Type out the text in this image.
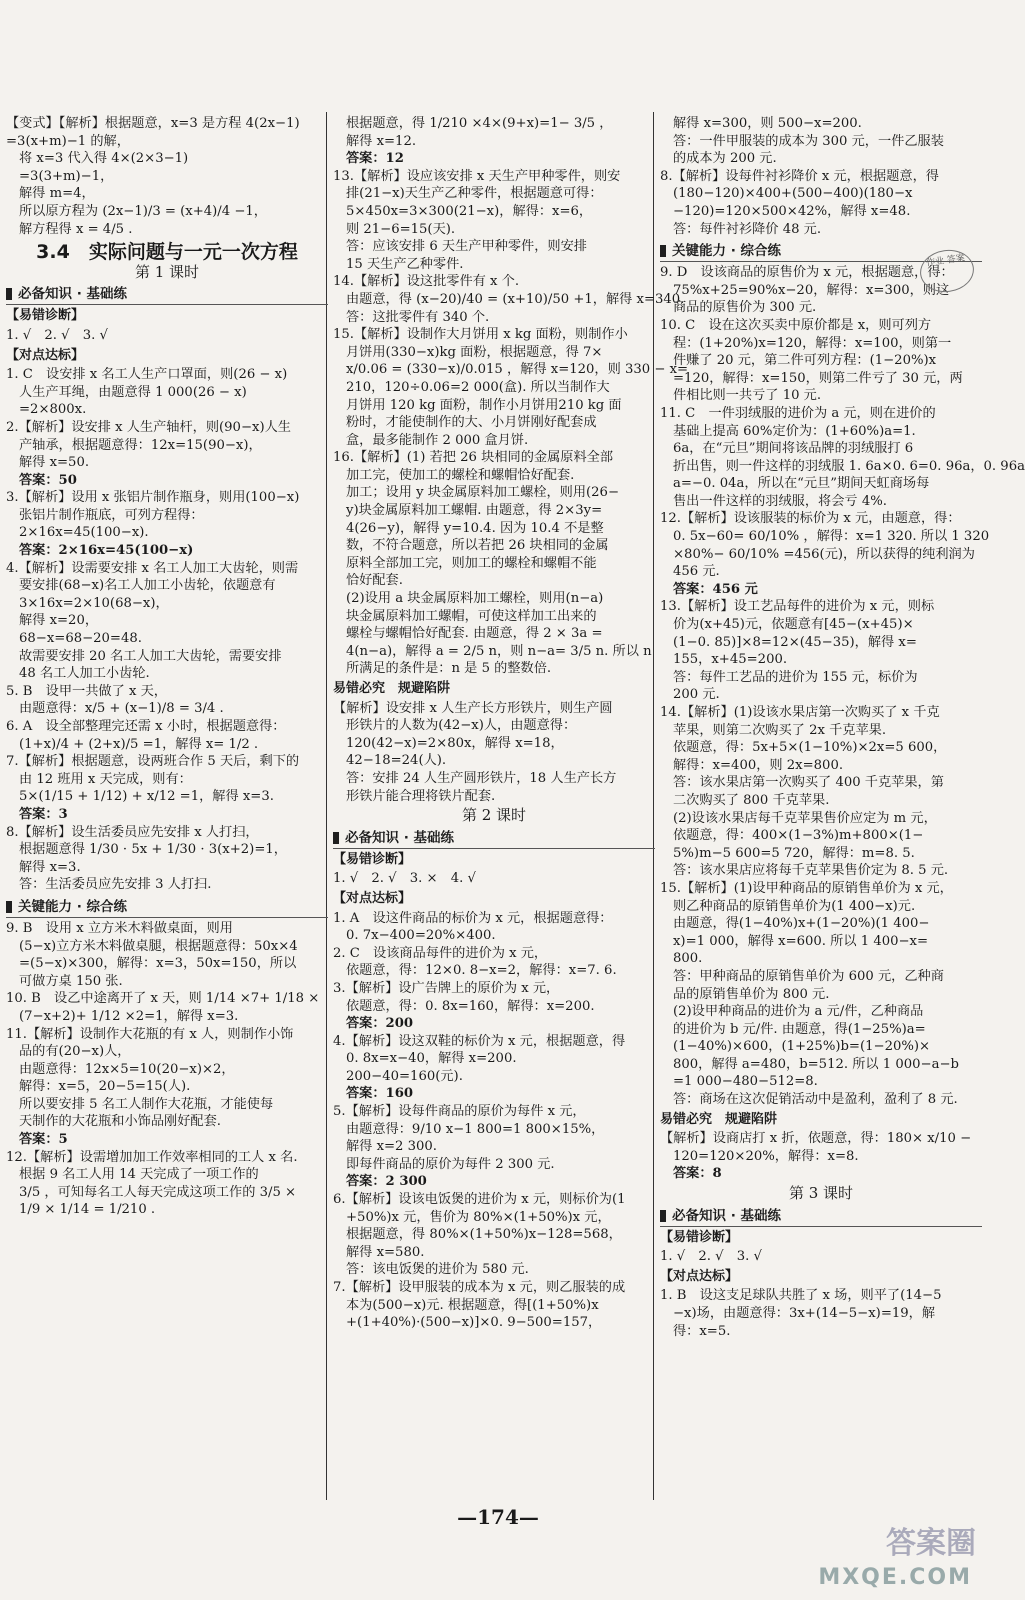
【变式】【解析】根据题意，x=3 是方程 4(2x−1)
=3(x+m)−1 的解，
将 x=3 代入得 4×(2×3−1)
=3(3+m)−1，
解得 m=4，
所以原方程为 (2x−1)/3 = (x+4)/4 −1，
解方程得 x = 4/5 .
3.4　实际问题与一元一次方程
第 1 课时
必备知识 · 基础练
【易错诊断】
1. √　2. √　3. √
【对点达标】
1. C　设安排 x 名工人生产口罩面，则(26 − x)
人生产耳绳，由题意得 1 000(26 − x)
=2×800x.
2.【解析】设安排 x 人生产轴杆，则(90−x)人生
产轴承，根据题意得：12x=15(90−x)，
解得 x=50.
答案：50
3.【解析】设用 x 张铝片制作瓶身，则用(100−x)
张铝片制作瓶底，可列方程得：
2×16x=45(100−x).
答案：2×16x=45(100−x)
4.【解析】设需要安排 x 名工人加工大齿轮，则需
要安排(68−x)名工人加工小齿轮，依题意有
3×16x=2×10(68−x)，
解得 x=20，
68−x=68−20=48.
故需要安排 20 名工人加工大齿轮，需要安排
48 名工人加工小齿轮.
5. B　设甲一共做了 x 天，
由题意得：x/5 + (x−1)/8 = 3/4 .
6. A　设全部整理完还需 x 小时，根据题意得：
(1+x)/4 + (2+x)/5 =1，解得 x= 1/2 .
7.【解析】根据题意，设两班合作 5 天后，剩下的
由 12 班用 x 天完成，则有：
5×(1/15 + 1/12) + x/12 =1，解得 x=3.
答案：3
8.【解析】设生活委员应先安排 x 人打扫，
根据题意得 1/30 · 5x + 1/30 · 3(x+2)=1，
解得 x=3.
答：生活委员应先安排 3 人打扫.
关键能力 · 综合练
9. B　设用 x 立方米木料做桌面，则用
(5−x)立方米木料做桌腿，根据题意得：50x×4
=(5−x)×300，解得：x=3，50x=150，所以
可做方桌 150 张.
10. B　设乙中途离开了 x 天，则 1/14 ×7+ 1/18 ×
(7−x+2)+ 1/12 ×2=1，解得 x=3.
11.【解析】设制作大花瓶的有 x 人，则制作小饰
品的有(20−x)人，
由题意得：12x×5=10(20−x)×2，
解得：x=5，20−5=15(人).
所以要安排 5 名工人制作大花瓶，才能使每
天制作的大花瓶和小饰品刚好配套.
答案：5
12.【解析】设需增加加工作效率相同的工人 x 名.
根据 9 名工人用 14 天完成了一项工作的
3/5 ，可知每名工人每天完成这项工作的 3/5 ×
1/9 × 1/14 = 1/210 .
根据题意，得 1/210 ×4×(9+x)=1− 3/5 ，
解得 x=12.
答案：12
13.【解析】设应该安排 x 天生产甲种零件，则安
排(21−x)天生产乙种零件，根据题意可得：
5×450x=3×300(21−x)，解得：x=6，
则 21−6=15(天).
答：应该安排 6 天生产甲种零件，则安排
15 天生产乙种零件.
14.【解析】设这批零件有 x 个.
由题意，得 (x−20)/40 = (x+10)/50 +1，解得 x=340.
答：这批零件有 340 个.
15.【解析】设制作大月饼用 x kg 面粉，则制作小
月饼用(330−x)kg 面粉，根据题意，得 7×
x/0.06 = (330−x)/0.015 ，解得 x=120，则 330 − x=
210，120÷0.06=2 000(盒). 所以当制作大
月饼用 120 kg 面粉，制作小月饼用210 kg 面
粉时，才能使制作的大、小月饼刚好配套成
盒，最多能制作 2 000 盒月饼.
16.【解析】(1) 若把 26 块相同的金属原料全部
加工完，使加工的螺栓和螺帽恰好配套.
加工；设用 y 块金属原料加工螺栓，则用(26−
y)块金属原料加工螺帽. 由题意，得 2×3y=
4(26−y)，解得 y=10.4. 因为 10.4 不是整
数，不符合题意，所以若把 26 块相同的金属
原料全部加工完，则加工的螺栓和螺帽不能
恰好配套.
(2)设用 a 块金属原料加工螺栓，则用(n−a)
块金属原料加工螺帽，可使这样加工出来的
螺栓与螺帽恰好配套. 由题意，得 2 × 3a =
4(n−a)，解得 a = 2/5 n，则 n−a= 3/5 n. 所以 n
所满足的条件是：n 是 5 的整数倍.
易错必究　规避陷阱
【解析】设安排 x 人生产长方形铁片，则生产圆
形铁片的人数为(42−x)人，由题意得：
120(42−x)=2×80x，解得 x=18，
42−18=24(人).
答：安排 24 人生产圆形铁片，18 人生产长方
形铁片能合理将铁片配套.
第 2 课时
必备知识 · 基础练
【易错诊断】
1. √　2. √　3. ×　4. √
【对点达标】
1. A　设这件商品的标价为 x 元，根据题意得：
0. 7x−400=20%×400.
2. C　设该商品每件的进价为 x 元，
依题意，得：12×0. 8−x=2，解得：x=7. 6.
3.【解析】设广告牌上的原价为 x 元，
依题意，得：0. 8x=160，解得：x=200.
答案：200
4.【解析】设这双鞋的标价为 x 元，根据题意，得
0. 8x=x−40，解得 x=200.
200−40=160(元).
答案：160
5.【解析】设每件商品的原价为每件 x 元，
由题意得：9/10 x−1 800=1 800×15%，
解得 x=2 300.
即每件商品的原价为每件 2 300 元.
答案：2 300
6.【解析】设该电饭煲的进价为 x 元，则标价为(1
+50%)x 元，售价为 80%×(1+50%)x 元，
根据题意，得 80%×(1+50%)x−128=568，
解得 x=580.
答：该电饭煲的进价为 580 元.
7.【解析】设甲服装的成本为 x 元，则乙服装的成
本为(500−x)元. 根据题意，得[(1+50%)x
+(1+40%)·(500−x)]×0. 9−500=157，
解得 x=300，则 500−x=200.
答：一件甲服装的成本为 300 元，一件乙服装
的成本为 200 元.
8.【解析】设每件衬衫降价 x 元，根据题意，得
(180−120)×400+(500−400)(180−x
−120)=120×500×42%，解得 x=48.
答：每件衬衫降价 48 元.
关键能力 · 综合练
9. D　设该商品的原售价为 x 元，根据题意，得：
75%x+25=90%x−20，解得：x=300，则这
商品的原售价为 300 元.
10. C　设在这次买卖中原价都是 x，则可列方
程：(1+20%)x=120，解得：x=100，则第一
件赚了 20 元，第二件可列方程：(1−20%)x
=120，解得：x=150，则第二件亏了 30 元，两
件相比则一共亏了 10 元.
11. C　一件羽绒服的进价为 a 元，则在进价的
基础上提高 60%定价为：(1+60%)a=1.
6a，在“元旦”期间将该品牌的羽绒服打 6
折出售，则一件这样的羽绒服 1. 6a×0. 6=0. 96a，0. 96a
a=−0. 04a，所以在“元旦”期间天虹商场每
售出一件这样的羽绒服，将会亏 4%.
12.【解析】设该服装的标价为 x 元，由题意，得：
0. 5x−60= 60/10% ，解得：x=1 320. 所以 1 320
×80%− 60/10% =456(元)，所以获得的纯利润为
456 元.
答案：456 元
13.【解析】设工艺品每件的进价为 x 元，则标
价为(x+45)元，依题意有[45−(x+45)×
(1−0. 85)]×8=12×(45−35)，解得 x=
155，x+45=200.
答：每件工艺品的进价为 155 元，标价为
200 元.
14.【解析】(1)设该水果店第一次购买了 x 千克
苹果，则第二次购买了 2x 千克苹果.
依题意，得：5x+5×(1−10%)×2x=5 600，
解得：x=400，则 2x=800.
答：该水果店第一次购买了 400 千克苹果，第
二次购买了 800 千克苹果.
(2)设该水果店每千克苹果售价应定为 m 元，
依题意，得：400×(1−3%)m+800×(1−
5%)m−5 600=5 720，解得：m=8. 5.
答：该水果店应将每千克苹果售价定为 8. 5 元.
15.【解析】(1)设甲种商品的原销售单价为 x 元，
则乙种商品的原销售单价为(1 400−x)元.
由题意，得(1−40%)x+(1−20%)(1 400−
x)=1 000，解得 x=600. 所以 1 400−x=
800.
答：甲种商品的原销售单价为 600 元，乙种商
品的原销售单价为 800 元.
(2)设甲种商品的进价为 a 元/件，乙种商品
的进价为 b 元/件. 由题意，得(1−25%)a=
(1−40%)×600，(1+25%)b=(1−20%)×
800，解得 a=480，b=512. 所以 1 000−a−b
=1 000−480−512=8.
答：商场在这次促销活动中是盈利，盈利了 8 元.
易错必究　规避陷阱
【解析】设商店打 x 折，依题意，得：180× x/10 −
120=120×20%，解得：x=8.
答案：8
第 3 课时
必备知识 · 基础练
【易错诊断】
1. √　2. √　3. √
【对点达标】
1. B　设这支足球队共胜了 x 场，则平了(14−5
−x)场，由题意得：3x+(14−5−x)=19，解
得：x=5.
作业 答案
—174—
答案圈
MXQE.COM
